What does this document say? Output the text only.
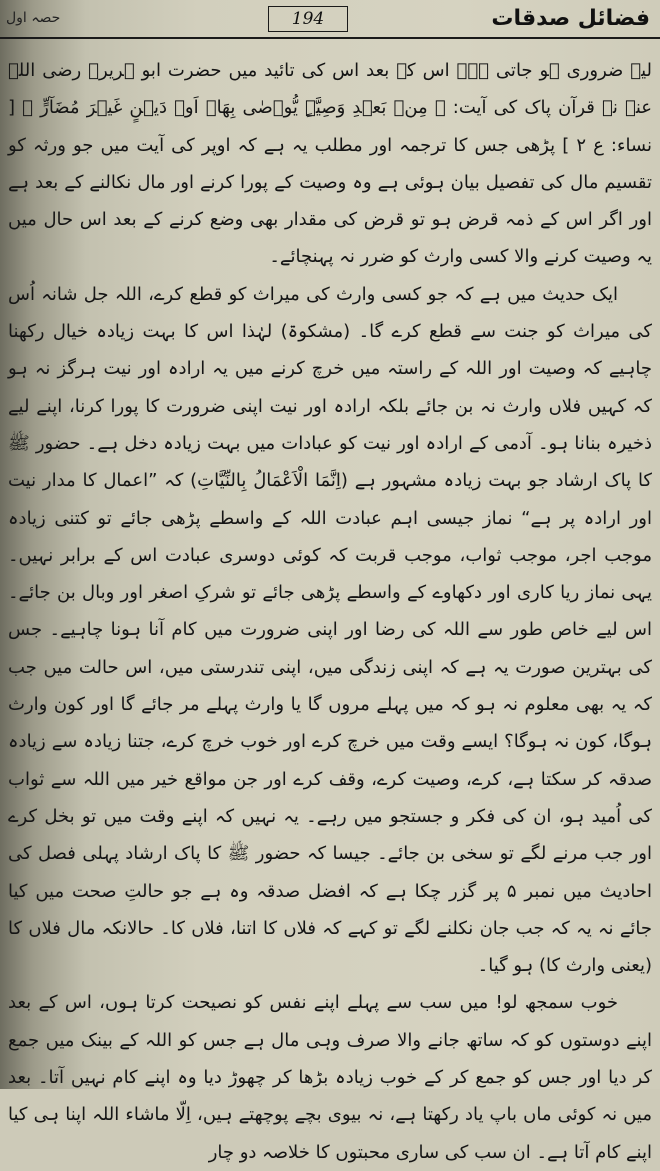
حصہ اول	194	فضائل صدقات

لیے ضروری ہو جاتی ہے۔ اس کے بعد اس کی تائید میں حضرت ابو ہریرہ رضی اللہ عنہ نے قرآن پاک کی آیت: ﴿ مِنۡ بَعۡدِ وَصِیَّۃٍ یُّوۡصٰی بِهَاۤ اَوۡ دَیۡنٍ غَیۡرَ مُضَآرٍّ ﴾ [ نساء: ع ۲ ] پڑھی جس کا ترجمہ اور مطلب یہ ہے کہ اوپر کی آیت میں جو ورثہ کو تقسیم مال کی تفصیل بیان ہوئی ہے وہ وصیت کے پورا کرنے اور مال نکالنے کے بعد ہے اور اگر اس کے ذمہ قرض ہو تو قرض کی مقدار بھی وضع کرنے کے بعد اس حال میں یہ وصیت کرنے والا کسی وارث کو ضرر نہ پہنچائے۔

ایک حدیث میں ہے کہ جو کسی وارث کی میراث کو قطع کرے، اللہ جل شانہ اُس کی میراث کو جنت سے قطع کرے گا۔ (مشکوۃ) لہٰذا اس کا بہت زیادہ خیال رکھنا چاہیے کہ وصیت اور اللہ کے راستہ میں خرچ کرنے میں یہ ارادہ اور نیت ہرگز نہ ہو کہ کہیں فلاں وارث نہ بن جائے بلکہ ارادہ اور نیت اپنی ضرورت کا پورا کرنا، اپنے لیے ذخیرہ بنانا ہو۔ آدمی کے ارادہ اور نیت کو عبادات میں بہت زیادہ دخل ہے۔ حضور ﷺ کا پاک ارشاد جو بہت زیادہ مشہور ہے (اِنَّمَا الْاَعْمَالُ بِالنِّیَّاتِ) کہ ”اعمال کا مدار نیت اور ارادہ پر ہے“ نماز جیسی اہم عبادت اللہ کے واسطے پڑھی جائے تو کتنی زیادہ موجب اجر، موجب ثواب، موجب قربت کہ کوئی دوسری عبادت اس کے برابر نہیں۔ یہی نماز ریا کاری اور دکھاوے کے واسطے پڑھی جائے تو شرکِ اصغر اور وبال بن جائے۔ اس لیے خاص طور سے اللہ کی رضا اور اپنی ضرورت میں کام آنا ہونا چاہیے۔ جس کی بہترین صورت یہ ہے کہ اپنی زندگی میں، اپنی تندرستی میں، اس حالت میں جب کہ یہ بھی معلوم نہ ہو کہ میں پہلے مروں گا یا وارث پہلے مر جائے گا اور کون وارث ہوگا، کون نہ ہوگا؟ ایسے وقت میں خرچ کرے اور خوب خرچ کرے، جتنا زیادہ سے زیادہ صدقہ کر سکتا ہے، کرے، وصیت کرے، وقف کرے اور جن مواقع خیر میں اللہ سے ثواب کی اُمید ہو، ان کی فکر و جستجو میں رہے۔ یہ نہیں کہ اپنے وقت میں تو بخل کرے اور جب مرنے لگے تو سخی بن جائے۔ جیسا کہ حضور ﷺ کا پاک ارشاد پہلی فصل کی احادیث میں نمبر ۵ پر گزر چکا ہے کہ افضل صدقہ وہ ہے جو حالتِ صحت میں کیا جائے نہ یہ کہ جب جان نکلنے لگے تو کہے کہ فلاں کا اتنا، فلاں کا۔ حالانکہ مال فلاں کا (یعنی وارث کا) ہو گیا۔

خوب سمجھ لو! میں سب سے پہلے اپنے نفس کو نصیحت کرتا ہوں، اس کے بعد اپنے دوستوں کو کہ ساتھ جانے والا صرف وہی مال ہے جس کو اللہ کے بینک میں جمع کر دیا اور جس کو جمع کر کے خوب زیادہ بڑھا کر چھوڑ دیا وہ اپنے کام نہیں آتا۔ بعد میں نہ کوئی ماں باپ یاد رکھتا ہے، نہ بیوی بچے پوچھتے ہیں، اِلّا ماشاء اللہ اپنا ہی کیا اپنے کام آتا ہے۔ ان سب کی ساری محبتوں کا خلاصہ دو چار
